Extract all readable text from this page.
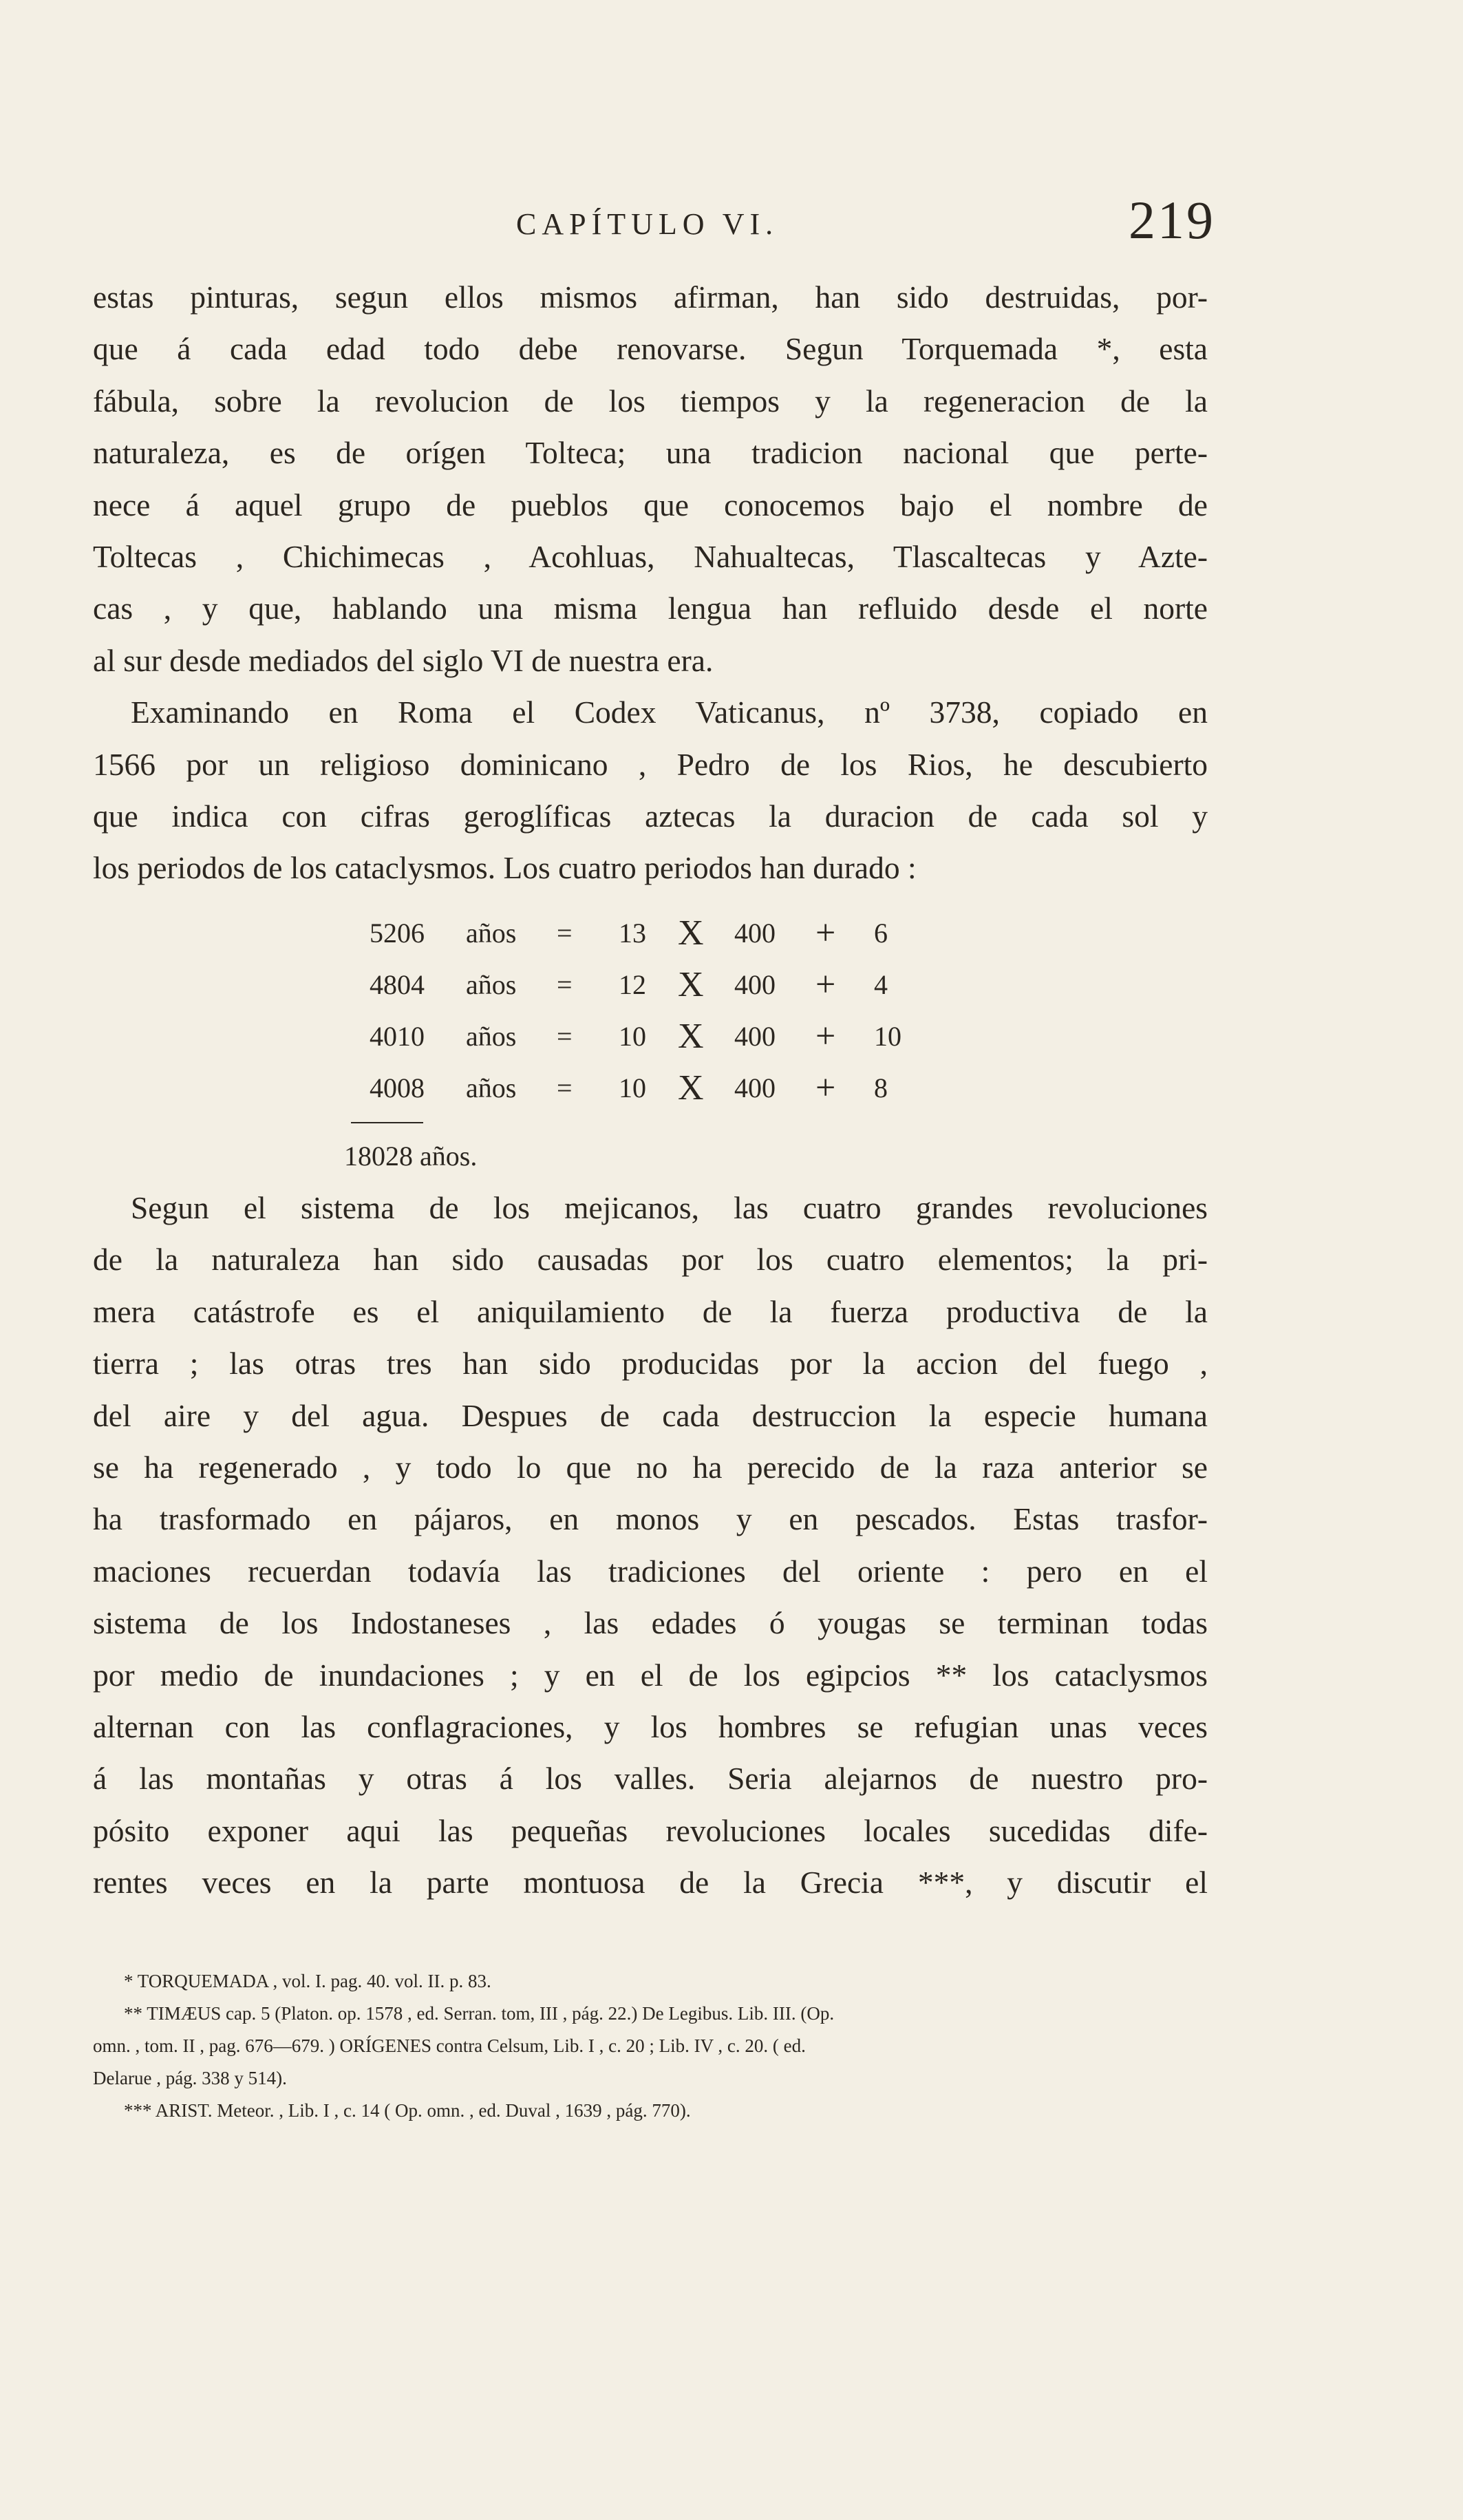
CAPÍTULO VI.	219
estas pinturas, segun ellos mismos afirman, han sido destruidas, por-
que á cada edad todo debe renovarse. Segun Torquemada *, esta
fábula, sobre la revolucion de los tiempos y la regeneracion de la
naturaleza, es de orígen Tolteca; una tradicion nacional que perte-
nece á aquel grupo de pueblos que conocemos bajo el nombre de
Toltecas , Chichimecas , Acohluas, Nahualtecas, Tlascaltecas y Azte-
cas , y que, hablando una misma lengua han refluido desde el norte
al sur desde mediados del siglo VI de nuestra era.
Examinando en Roma el Codex Vaticanus, nº 3738, copiado en
1566 por un religioso dominicano , Pedro de los Rios, he descubierto
que indica con cifras geroglíficas aztecas la duracion de cada sol y
los periodos de los cataclysmos. Los cuatro periodos han durado :
5206 años = 13 X 400 + 6
4804 años = 12 X 400 + 4
4010 años = 10 X 400 + 10
4008 años = 10 X 400 + 8
18028 años.
Segun el sistema de los mejicanos, las cuatro grandes revoluciones
de la naturaleza han sido causadas por los cuatro elementos; la pri-
mera catástrofe es el aniquilamiento de la fuerza productiva de la
tierra ; las otras tres han sido producidas por la accion del fuego ,
del aire y del agua. Despues de cada destruccion la especie humana
se ha regenerado , y todo lo que no ha perecido de la raza anterior se
ha trasformado en pájaros, en monos y en pescados. Estas trasfor-
maciones recuerdan todavía las tradiciones del oriente : pero en el
sistema de los Indostaneses , las edades ó yougas se terminan todas
por medio de inundaciones ; y en el de los egipcios ** los cataclysmos
alternan con las conflagraciones, y los hombres se refugian unas veces
á las montañas y otras á los valles. Seria alejarnos de nuestro pro-
pósito exponer aqui las pequeñas revoluciones locales sucedidas dife-
rentes veces en la parte montuosa de la Grecia ***, y discutir el
* TORQUEMADA , vol. I. pag. 40. vol. II. p. 83.
** TIMÆUS cap. 5 (Platon. op. 1578 , ed. Serran. tom, III , pág. 22.) De Legibus. Lib. III. (Op.
omn. , tom. II , pag. 676—679. ) ORÍGENES contra Celsum, Lib. I , c. 20 ; Lib. IV , c. 20. ( ed.
Delarue , pág. 338 y 514).
*** ARIST. Meteor. , Lib. I , c. 14 ( Op. omn. , ed. Duval , 1639 , pág. 770).
